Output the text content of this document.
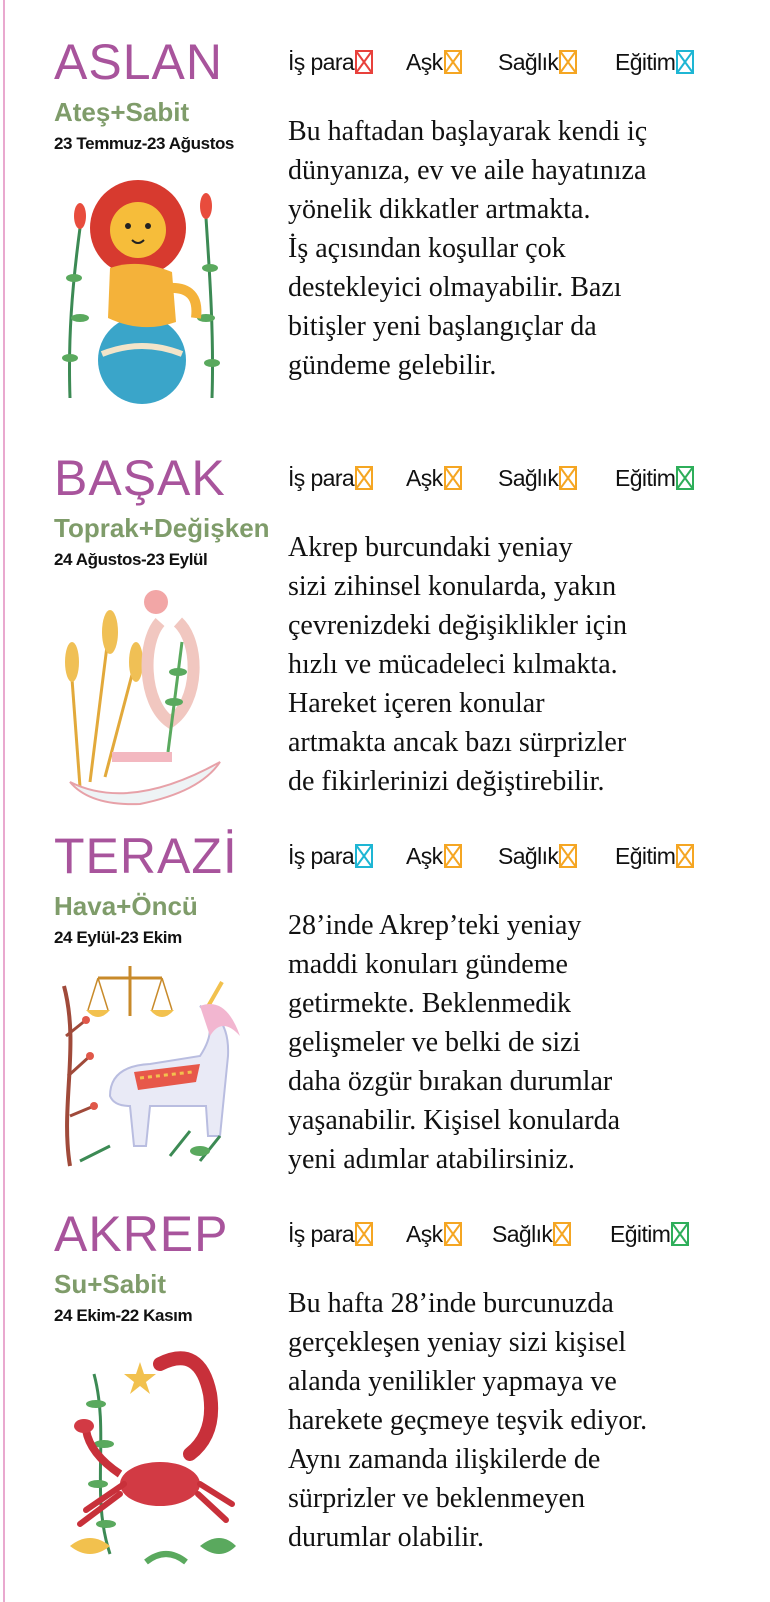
ASLAN
Ateş+Sabit
23 Temmuz-23 Ağustos
İş para Aşk Sağlık Eğitim
Bu haftadan başlayarak kendi iç
dünyanıza, ev ve aile hayatınıza
yönelik dikkatler artmakta.
İş açısından koşullar çok
destekleyici olmayabilir. Bazı
bitişler yeni başlangıçlar da
gündeme gelebilir.
BAŞAK
Toprak+Değişken
24 Ağustos-23 Eylül
İş para Aşk Sağlık Eğitim
Akrep burcundaki yeniay
sizi zihinsel konularda, yakın
çevrenizdeki değişiklikler için
hızlı ve mücadeleci kılmakta.
Hareket içeren konular
artmakta ancak bazı sürprizler
de fikirlerinizi değiştirebilir.
TERAZİ
Hava+Öncü
24 Eylül-23 Ekim
İş para Aşk Sağlık Eğitim
28’inde Akrep’teki yeniay
maddi konuları gündeme
getirmekte. Beklenmedik
gelişmeler ve belki de sizi
daha özgür bırakan durumlar
yaşanabilir. Kişisel konularda
yeni adımlar atabilirsiniz.
AKREP
Su+Sabit
24 Ekim-22 Kasım
İş para Aşk Sağlık	Eğitim
Bu hafta 28’inde burcunuzda
gerçekleşen yeniay sizi kişisel
alanda yenilikler yapmaya ve
harekete geçmeye teşvik ediyor.
Aynı zamanda ilişkilerde de
sürprizler ve beklenmeyen
durumlar olabilir.
